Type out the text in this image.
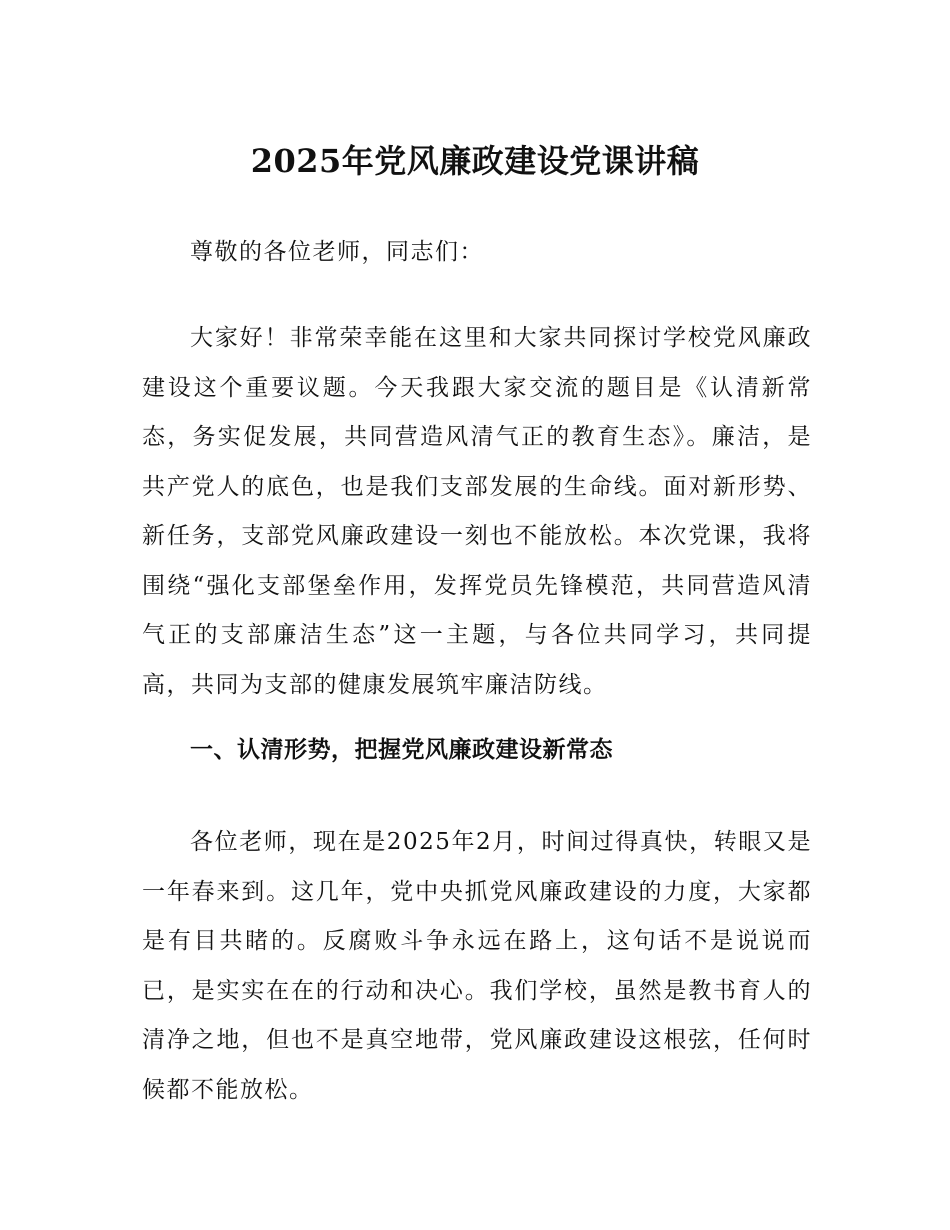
2025年党风廉政建设党课讲稿

尊敬的各位老师，同志们：

大家好！非常荣幸能在这里和大家共同探讨学校党风廉政建设这个重要议题。今天我跟大家交流的题目是《认清新常态，务实促发展，共同营造风清气正的教育生态》。廉洁，是共产党人的底色，也是我们支部发展的生命线。面对新形势、新任务，支部党风廉政建设一刻也不能放松。本次党课，我将围绕“强化支部堡垒作用，发挥党员先锋模范，共同营造风清气正的支部廉洁生态”这一主题，与各位共同学习，共同提高，共同为支部的健康发展筑牢廉洁防线。

一、认清形势，把握党风廉政建设新常态

各位老师，现在是2025年2月，时间过得真快，转眼又是一年春来到。这几年，党中央抓党风廉政建设的力度，大家都是有目共睹的。反腐败斗争永远在路上，这句话不是说说而已，是实实在在的行动和决心。我们学校，虽然是教书育人的清净之地，但也不是真空地带，党风廉政建设这根弦，任何时候都不能放松。
